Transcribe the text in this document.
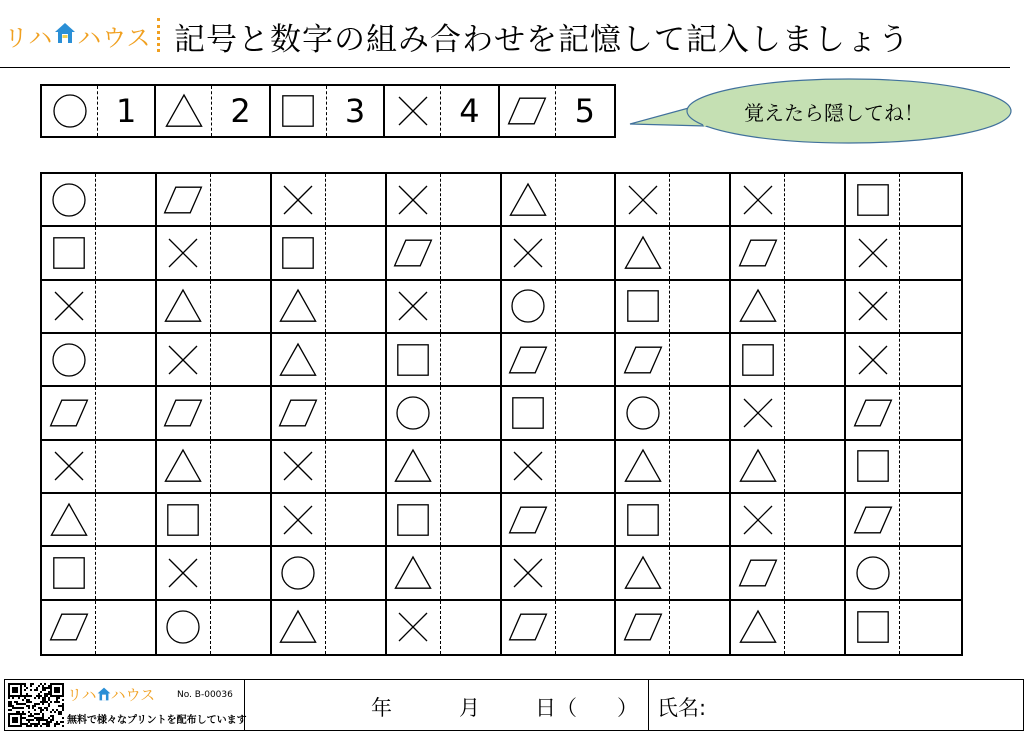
リハ ハウス 記号と数字の組み合わせを記憶して記入しましょう
1	2	3	4	5	覚えたら隠してね！
リハ ハウス No. B-00036
無料で様々なプリントを配布しています
年	月	日（ ） 氏名:
